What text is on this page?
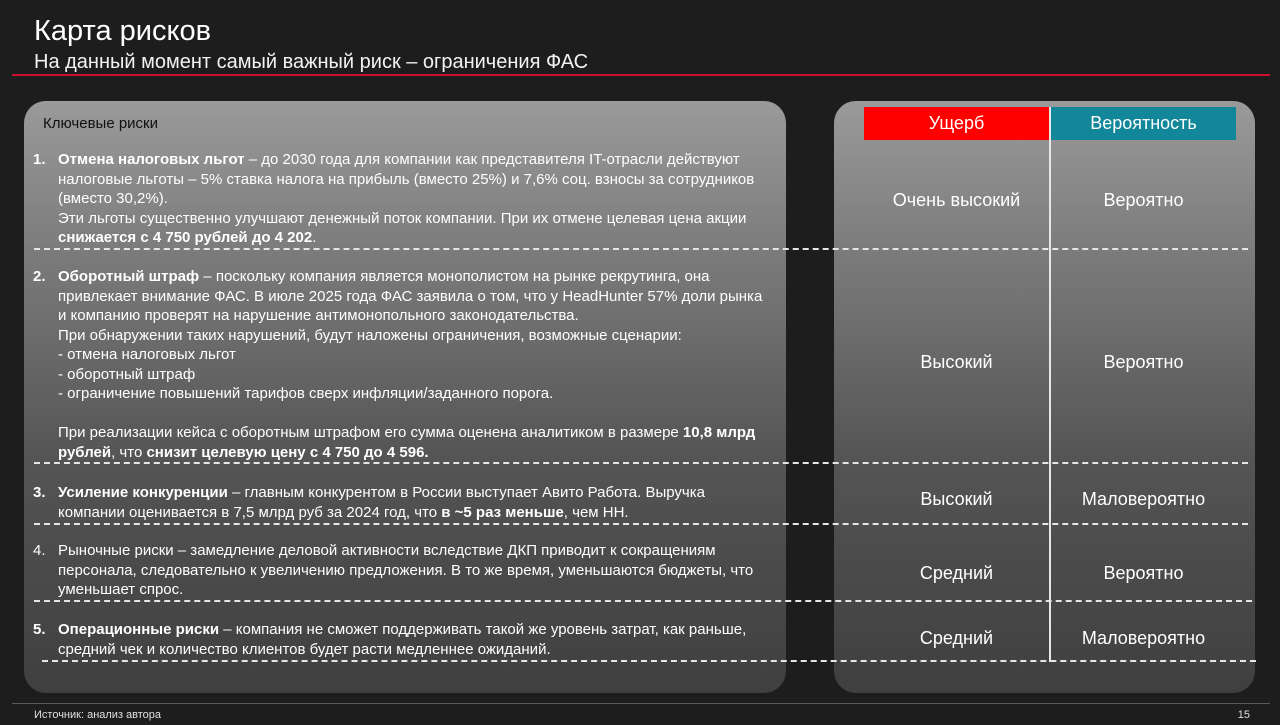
Карта рисков
На данный момент самый важный риск – ограничения ФАС
Ключевые риски
1. Отмена налоговых льгот – до 2030 года для компании как представителя IT-отрасли действуют налоговые льготы – 5% ставка налога на прибыль (вместо 25%) и 7,6% соц. взносы за сотрудников (вместо 30,2%).
Эти льготы существенно улучшают денежный поток компании. При их отмене целевая цена акции снижается с 4 750 рублей до 4 202.
2. Оборотный штраф – поскольку компания является монополистом на рынке рекрутинга, она привлекает внимание ФАС. В июле 2025 года ФАС заявила о том, что у HeadHunter 57% доли рынка и компанию проверят на нарушение антимонопольного законодательства.
При обнаружении таких нарушений, будут наложены ограничения, возможные сценарии:
- отмена налоговых льгот
- оборотный штраф
- ограничение повышений тарифов сверх инфляции/заданного порога.

При реализации кейса с оборотным штрафом его сумма оценена аналитиком в размере 10,8 млрд рублей, что снизит целевую цену с 4 750 до 4 596.
3. Усиление конкуренции – главным конкурентом в России выступает Авито Работа. Выручка компании оценивается в 7,5 млрд руб за 2024 год, что в ~5 раз меньше, чем HH.
4. Рыночные риски – замедление деловой активности вследствие ДКП приводит к сокращениям персонала, следовательно к увеличению предложения. В то же время, уменьшаются бюджеты, что уменьшает спрос.
5. Операционные риски – компания не сможет поддерживать такой же уровень затрат, как раньше, средний чек и количество клиентов будет расти медленнее ожиданий.
Ущерб	Вероятность
Очень высокий	Вероятно
Высокий	Вероятно
Высокий	Маловероятно
Средний	Вероятно
Средний	Маловероятно
Источник: анализ автора	15
